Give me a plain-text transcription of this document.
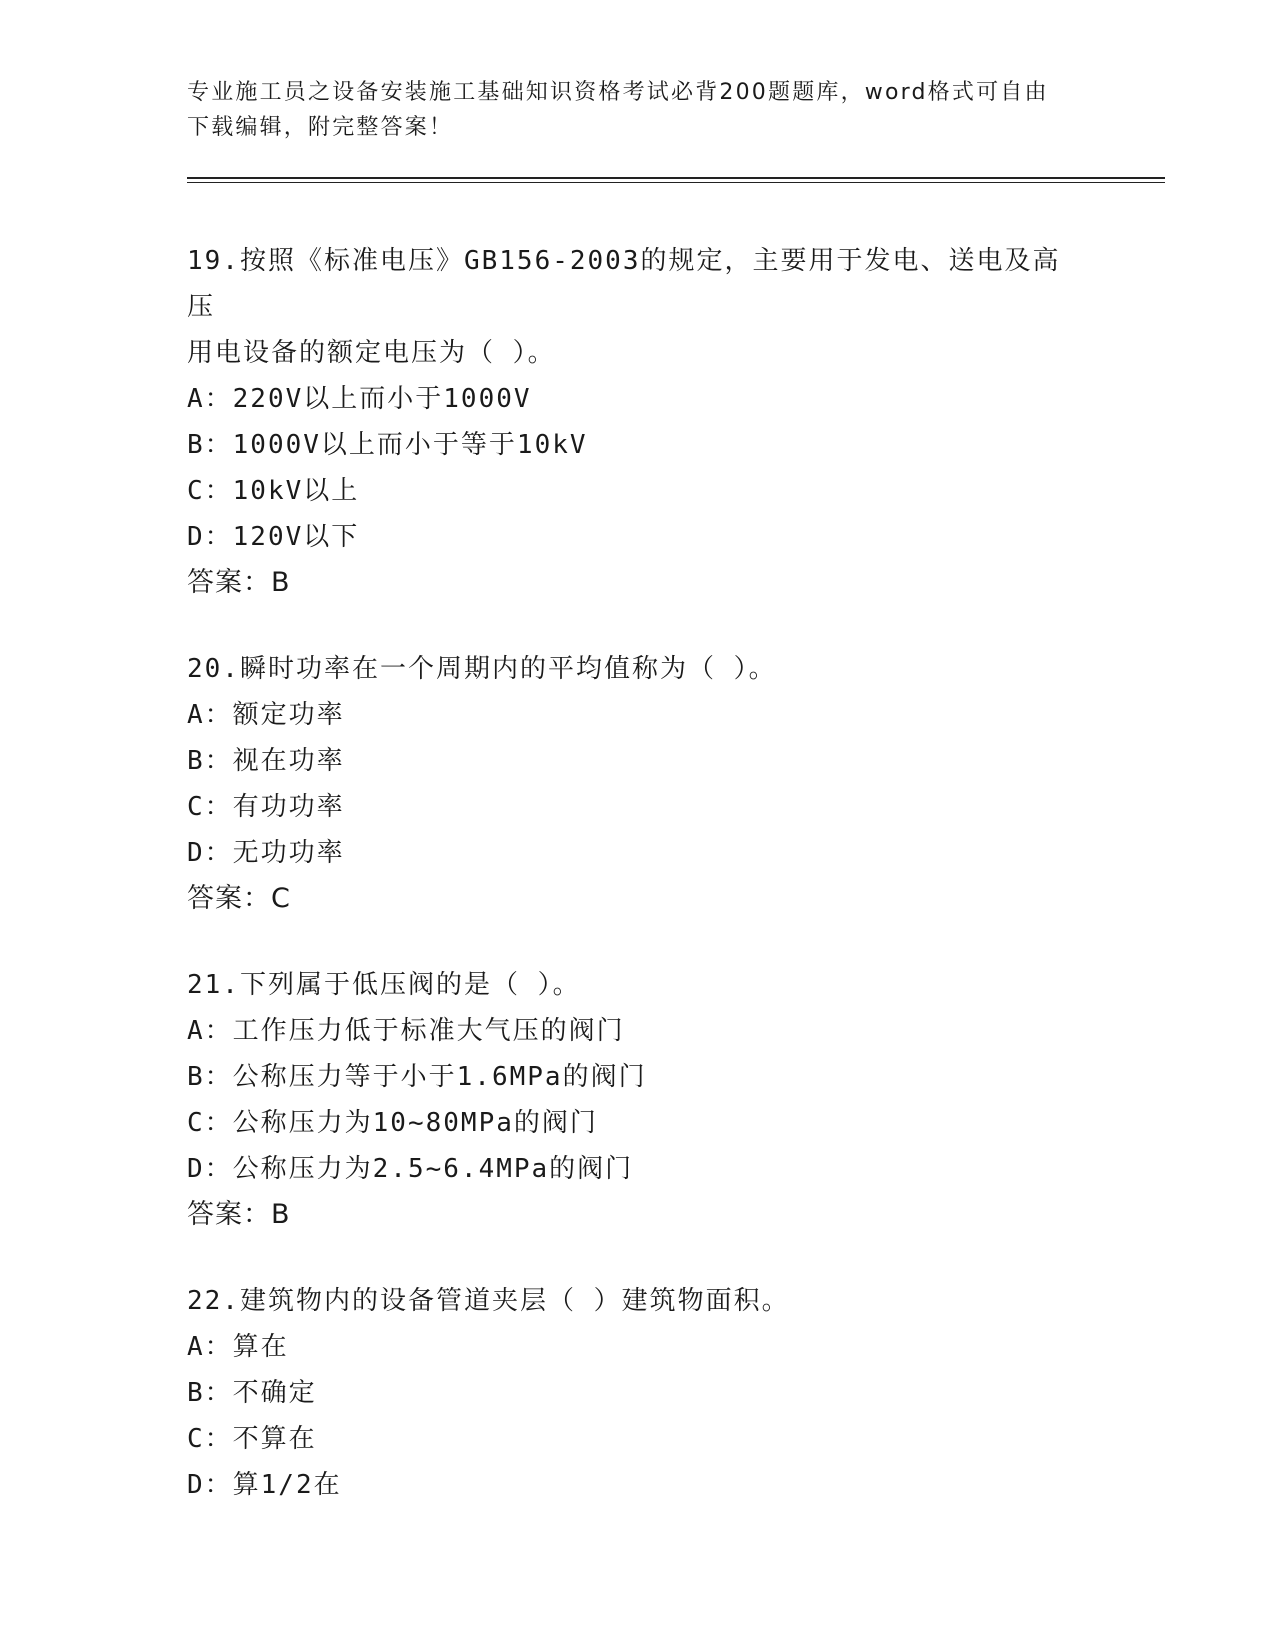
专业施工员之设备安装施工基础知识资格考试必背200题题库，word格式可自由下载编辑，附完整答案！

19.按照《标准电压》GB156-2003的规定，主要用于发电、送电及高压

用电设备的额定电压为（ ）。

A：220V以上而小于1000V

B：1000V以上而小于等于10kV

C：10kV以上

D：120V以下

答案：B

20.瞬时功率在一个周期内的平均值称为（ ）。

A：额定功率

B：视在功率

C：有功功率

D：无功功率

答案：C

21.下列属于低压阀的是（ ）。

A：工作压力低于标准大气压的阀门

B：公称压力等于小于1.6MPa的阀门

C：公称压力为10~80MPa的阀门

D：公称压力为2.5~6.4MPa的阀门

答案：B

22.建筑物内的设备管道夹层（ ）建筑物面积。

A：算在

B：不确定

C：不算在

D：算1/2在
